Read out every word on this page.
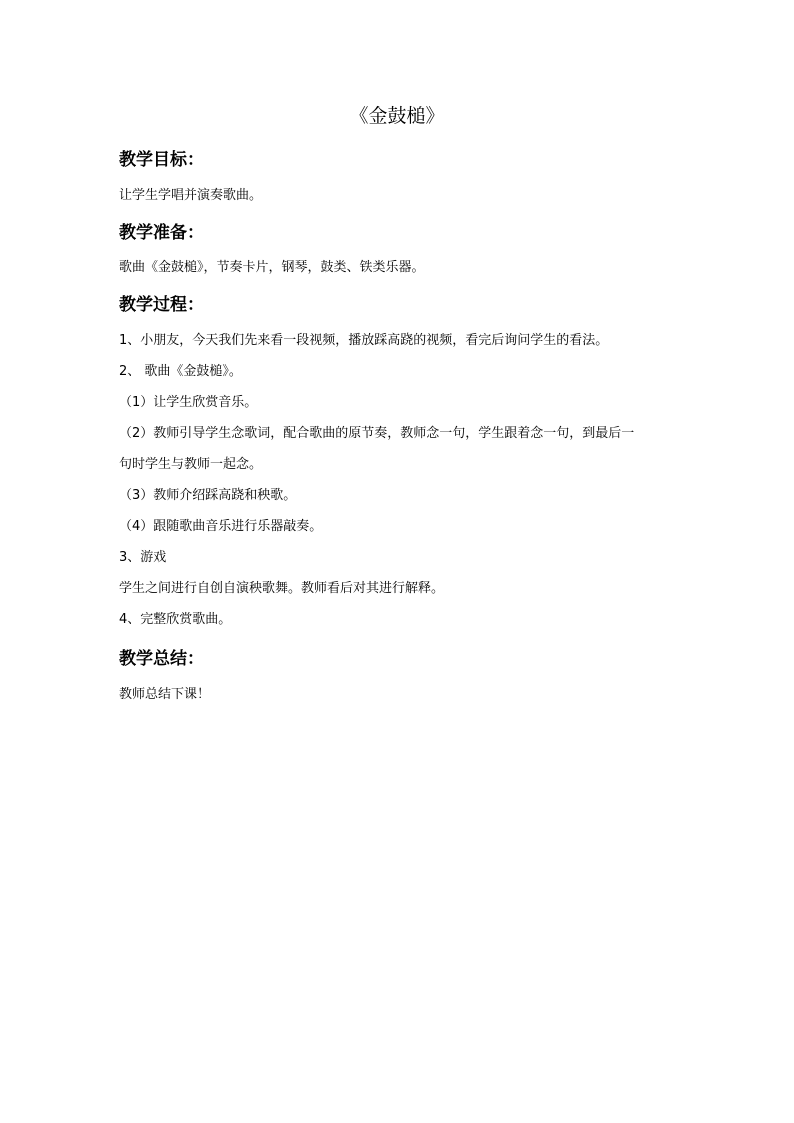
《金鼓槌》
教学目标：
让学生学唱并演奏歌曲。
教学准备：
歌曲《金鼓槌》，节奏卡片，钢琴，鼓类、铁类乐器。
教学过程：
1、小朋友，今天我们先来看一段视频，播放踩高跷的视频，看完后询问学生的看法。
2、 歌曲《金鼓槌》。
（1）让学生欣赏音乐。
（2）教师引导学生念歌词，配合歌曲的原节奏，教师念一句，学生跟着念一句，到最后一
句时学生与教师一起念。
（3）教师介绍踩高跷和秧歌。
（4）跟随歌曲音乐进行乐器敲奏。
3、游戏
学生之间进行自创自演秧歌舞。教师看后对其进行解释。
4、完整欣赏歌曲。
教学总结：
教师总结下课！
